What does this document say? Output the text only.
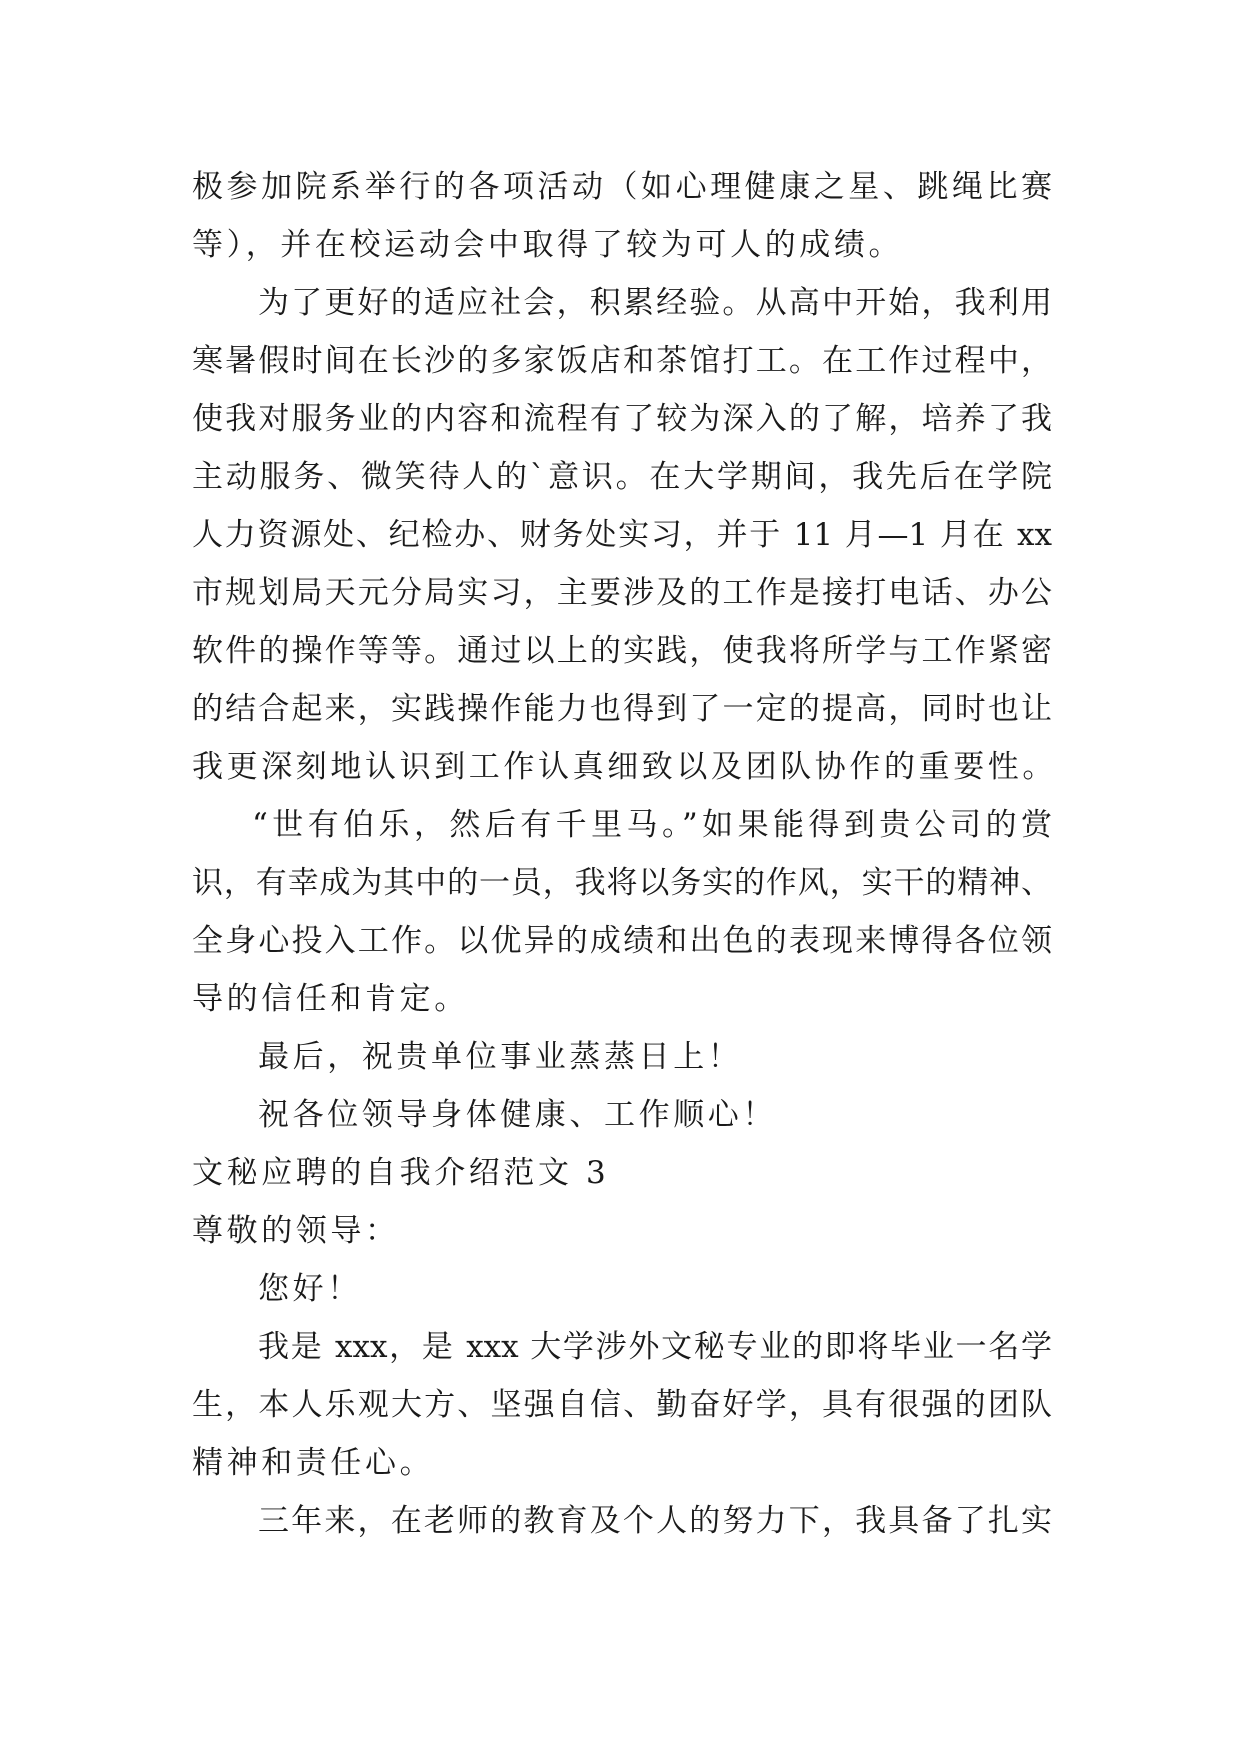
极参加院系举行的各项活动（如心理健康之星、跳绳比赛
等），并在校运动会中取得了较为可人的成绩。
为了更好的适应社会，积累经验。从高中开始，我利用
寒暑假时间在长沙的多家饭店和茶馆打工。在工作过程中，
使我对服务业的内容和流程有了较为深入的了解，培养了我
主动服务、微笑待人的`意识。在大学期间，我先后在学院
人力资源处、纪检办、财务处实习，并于 11 月—1 月在 xx
市规划局天元分局实习，主要涉及的工作是接打电话、办公
软件的操作等等。通过以上的实践，使我将所学与工作紧密
的结合起来，实践操作能力也得到了一定的提高，同时也让
我更深刻地认识到工作认真细致以及团队协作的重要性。
“世有伯乐，然后有千里马。”如果能得到贵公司的赏
识，有幸成为其中的一员，我将以务实的作风，实干的精神、
全身心投入工作。以优异的成绩和出色的表现来博得各位领
导的信任和肯定。
最后，祝贵单位事业蒸蒸日上！
祝各位领导身体健康、工作顺心！
文秘应聘的自我介绍范文 3
尊敬的领导：
您好！
我是 xxx，是 xxx 大学涉外文秘专业的即将毕业一名学
生，本人乐观大方、坚强自信、勤奋好学，具有很强的团队
精神和责任心。
三年来，在老师的教育及个人的努力下，我具备了扎实
